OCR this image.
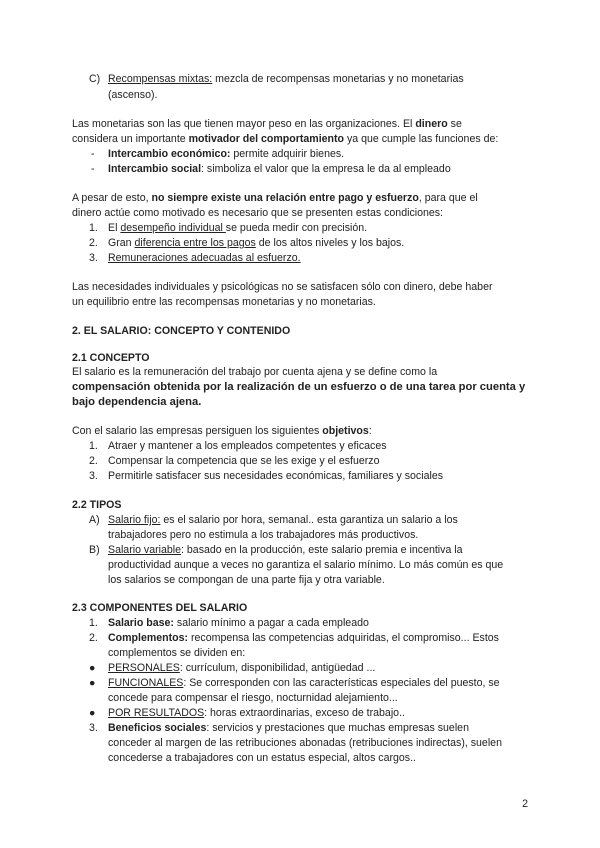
C) Recompensas mixtas: mezcla de recompensas monetarias y no monetarias
(ascenso).
Las monetarias son las que tienen mayor peso en las organizaciones. El dinero se
considera un importante motivador del comportamiento ya que cumple las funciones de:
- Intercambio económico: permite adquirir bienes.
- Intercambio social: simboliza el valor que la empresa le da al empleado
A pesar de esto, no siempre existe una relación entre pago y esfuerzo, para que el
dinero actúe como motivado es necesario que se presenten estas condiciones:
1. El desempeño individual se pueda medir con precisión.
2. Gran diferencia entre los pagos de los altos niveles y los bajos.
3. Remuneraciones adecuadas al esfuerzo.
Las necesidades individuales y psicológicas no se satisfacen sólo con dinero, debe haber
un equilibrio entre las recompensas monetarias y no monetarias.
2. EL SALARIO: CONCEPTO Y CONTENIDO
2.1 CONCEPTO
El salario es la remuneración del trabajo por cuenta ajena y se define como la
compensación obtenida por la realización de un esfuerzo o de una tarea por cuenta y
bajo dependencia ajena.
Con el salario las empresas persiguen los siguientes objetivos:
1. Atraer y mantener a los empleados competentes y eficaces
2. Compensar la competencia que se les exige y el esfuerzo
3. Permitirle satisfacer sus necesidades económicas, familiares y sociales
2.2 TIPOS
A) Salario fijo: es el salario por hora, semanal.. esta garantiza un salario a los
trabajadores pero no estimula a los trabajadores más productivos.
B) Salario variable: basado en la producción, este salario premia e incentiva la
productividad aunque a veces no garantiza el salario mínimo. Lo más común es que
los salarios se compongan de una parte fija y otra variable.
2.3 COMPONENTES DEL SALARIO
1. Salario base: salario mínimo a pagar a cada empleado
2. Complementos: recompensa las competencias adquiridas, el compromiso... Estos
complementos se dividen en:
● PERSONALES: currículum, disponibilidad, antigüedad ...
● FUNCIONALES: Se corresponden con las características especiales del puesto, se
concede para compensar el riesgo, nocturnidad alejamiento...
● POR RESULTADOS: horas extraordinarias, exceso de trabajo..
3. Beneficios sociales: servicios y prestaciones que muchas empresas suelen
conceder al margen de las retribuciones abonadas (retribuciones indirectas), suelen
concederse a trabajadores con un estatus especial, altos cargos..
2
